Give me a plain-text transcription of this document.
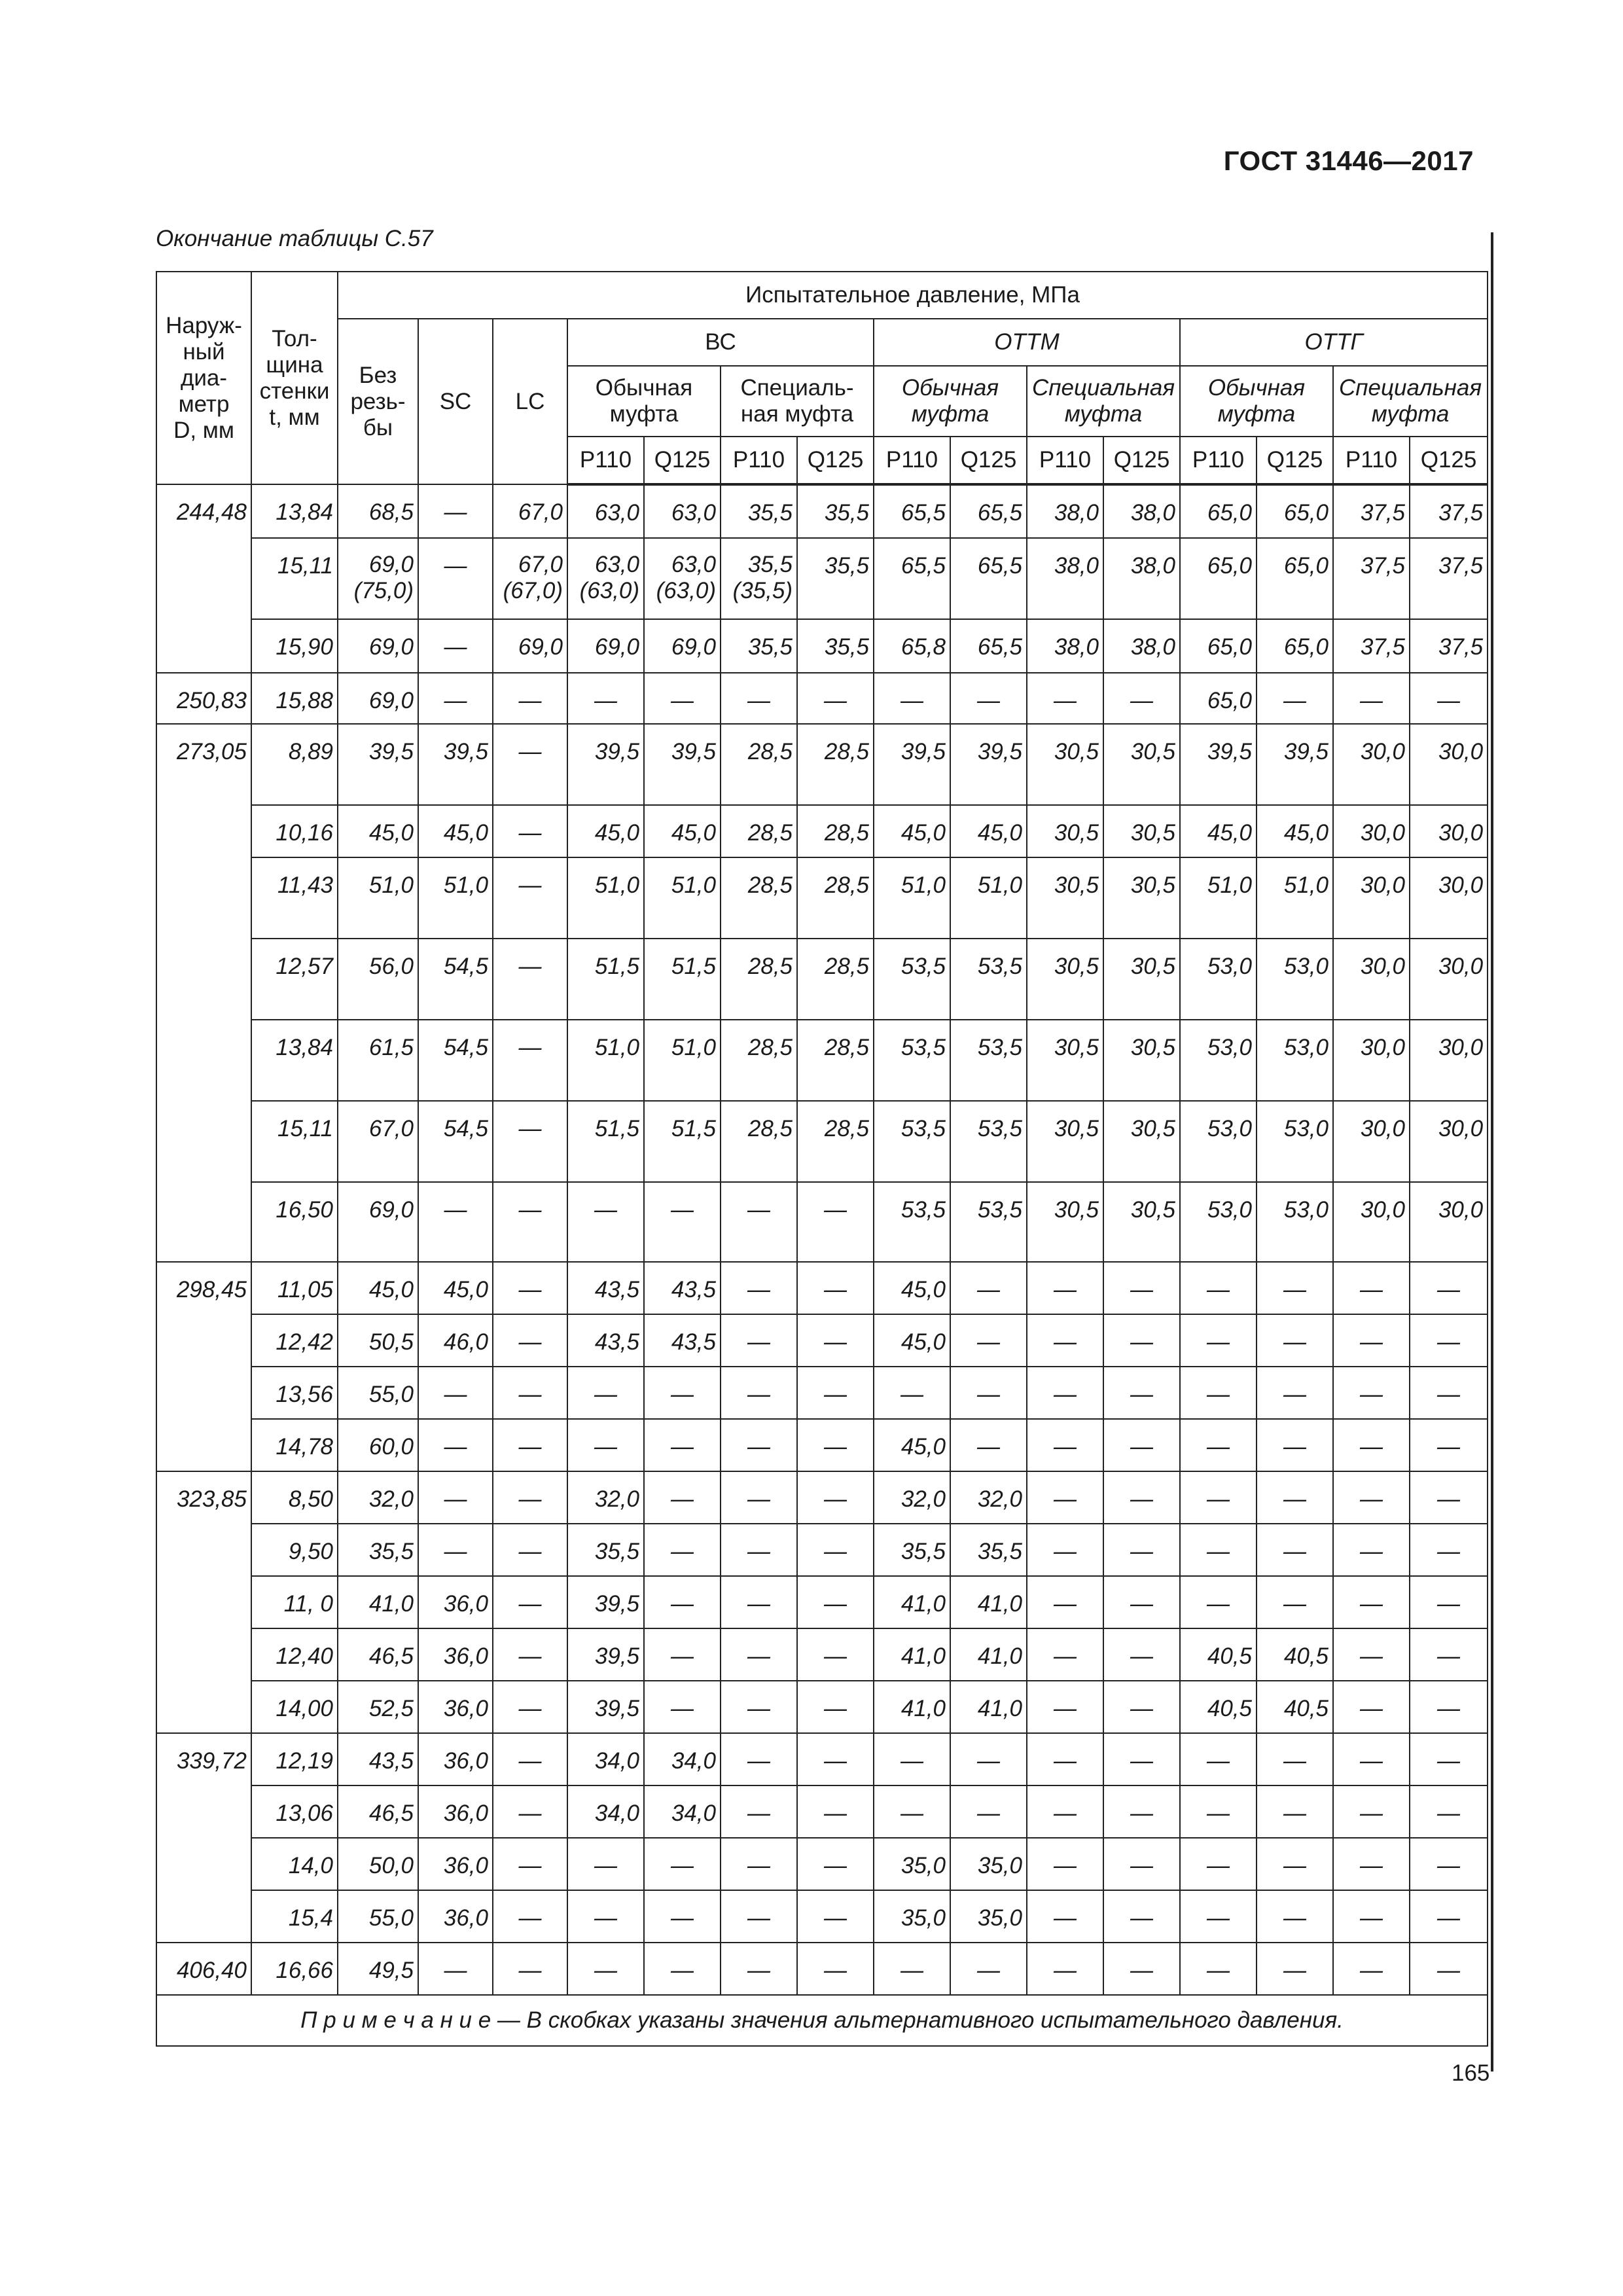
ГОСТ 31446—2017
Окончание таблицы С.57
Наруж-
ный
диа-
метр
D, мм	Тол-
щина
стенки
t, мм	Испытательное давление, МПа														
		Без
резь-
бы	SC	LC	ВС				ОТТМ				ОТТГ			
					Обычная
муфта		Специаль-
ная муфта		Обычная
муфта		Специальная
муфта		Обычная
муфта		Специальная
муфта	
					P110	Q125	P110	Q125	P110	Q125	P110	Q125	P110	Q125	P110	Q125
244,48	13,84	68,5	—	67,0	63,0	63,0	35,5	35,5	65,5	65,5	38,0	38,0	65,0	65,0	37,5	37,5
	15,11	69,0
(75,0)	—	67,0
(67,0)	63,0
(63,0)	63,0
(63,0)	35,5
(35,5)	35,5	65,5	65,5	38,0	38,0	65,0	65,0	37,5	37,5
	15,90	69,0	—	69,0	69,0	69,0	35,5	35,5	65,8	65,5	38,0	38,0	65,0	65,0	37,5	37,5
250,83	15,88	69,0	—	—	—	—	—	—	—	—	—	—	65,0	—	—	—
273,05	8,89	39,5	39,5	—	39,5	39,5	28,5	28,5	39,5	39,5	30,5	30,5	39,5	39,5	30,0	30,0
	10,16	45,0	45,0	—	45,0	45,0	28,5	28,5	45,0	45,0	30,5	30,5	45,0	45,0	30,0	30,0
	11,43	51,0	51,0	—	51,0	51,0	28,5	28,5	51,0	51,0	30,5	30,5	51,0	51,0	30,0	30,0
	12,57	56,0	54,5	—	51,5	51,5	28,5	28,5	53,5	53,5	30,5	30,5	53,0	53,0	30,0	30,0
	13,84	61,5	54,5	—	51,0	51,0	28,5	28,5	53,5	53,5	30,5	30,5	53,0	53,0	30,0	30,0
	15,11	67,0	54,5	—	51,5	51,5	28,5	28,5	53,5	53,5	30,5	30,5	53,0	53,0	30,0	30,0
	16,50	69,0	—	—	—	—	—	—	53,5	53,5	30,5	30,5	53,0	53,0	30,0	30,0
298,45	11,05	45,0	45,0	—	43,5	43,5	—	—	45,0	—	—	—	—	—	—	—
	12,42	50,5	46,0	—	43,5	43,5	—	—	45,0	—	—	—	—	—	—	—
	13,56	55,0	—	—	—	—	—	—	—	—	—	—	—	—	—	—
	14,78	60,0	—	—	—	—	—	—	45,0	—	—	—	—	—	—	—
323,85	8,50	32,0	—	—	32,0	—	—	—	32,0	32,0	—	—	—	—	—	—
	9,50	35,5	—	—	35,5	—	—	—	35,5	35,5	—	—	—	—	—	—
	11, 0	41,0	36,0	—	39,5	—	—	—	41,0	41,0	—	—	—	—	—	—
	12,40	46,5	36,0	—	39,5	—	—	—	41,0	41,0	—	—	40,5	40,5	—	—
	14,00	52,5	36,0	—	39,5	—	—	—	41,0	41,0	—	—	40,5	40,5	—	—
339,72	12,19	43,5	36,0	—	34,0	34,0	—	—	—	—	—	—	—	—	—	—
	13,06	46,5	36,0	—	34,0	34,0	—	—	—	—	—	—	—	—	—	—
	14,0	50,0	36,0	—	—	—	—	—	35,0	35,0	—	—	—	—	—	—
	15,4	55,0	36,0	—	—	—	—	—	35,0	35,0	—	—	—	—	—	—
406,40	16,66	49,5	—	—	—	—	—	—	—	—	—	—	—	—	—	—
П р и м е ч а н и е — В скобках указаны значения альтернативного испытательного давления.																
165
